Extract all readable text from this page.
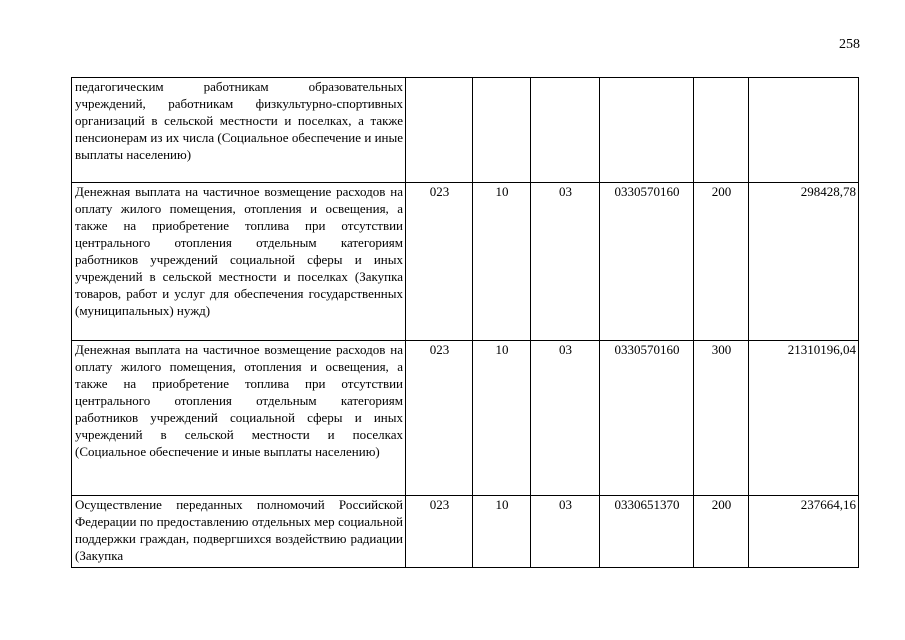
258
педагогическим работникам образовательных учреждений, работникам физкультурно-спортивных организаций в сельской местности и поселках, а также пенсионерам из их числа (Социальное обеспечение и иные выплаты населению)						
Денежная выплата на частичное возмещение расходов на оплату жилого помещения, отопления и освещения, а также на приобретение топлива при отсутствии центрального отопления отдельным категориям работников учреждений социальной сферы и иных учреждений в сельской местности и поселках (Закупка товаров, работ и услуг для обеспечения государственных (муниципальных) нужд)	023	10	03	0330570160	200	298428,78
Денежная выплата на частичное возмещение расходов на оплату жилого помещения, отопления и освещения, а также на приобретение топлива при отсутствии центрального отопления отдельным категориям работников учреждений социальной сферы и иных учреждений в сельской местности и поселках (Социальное обеспечение и иные выплаты населению)	023	10	03	0330570160	300	21310196,04
Осуществление переданных полномочий Российской Федерации по предоставлению отдельных мер социальной поддержки граждан, подвергшихся воздействию радиации (Закупка	023	10	03	0330651370	200	237664,16
